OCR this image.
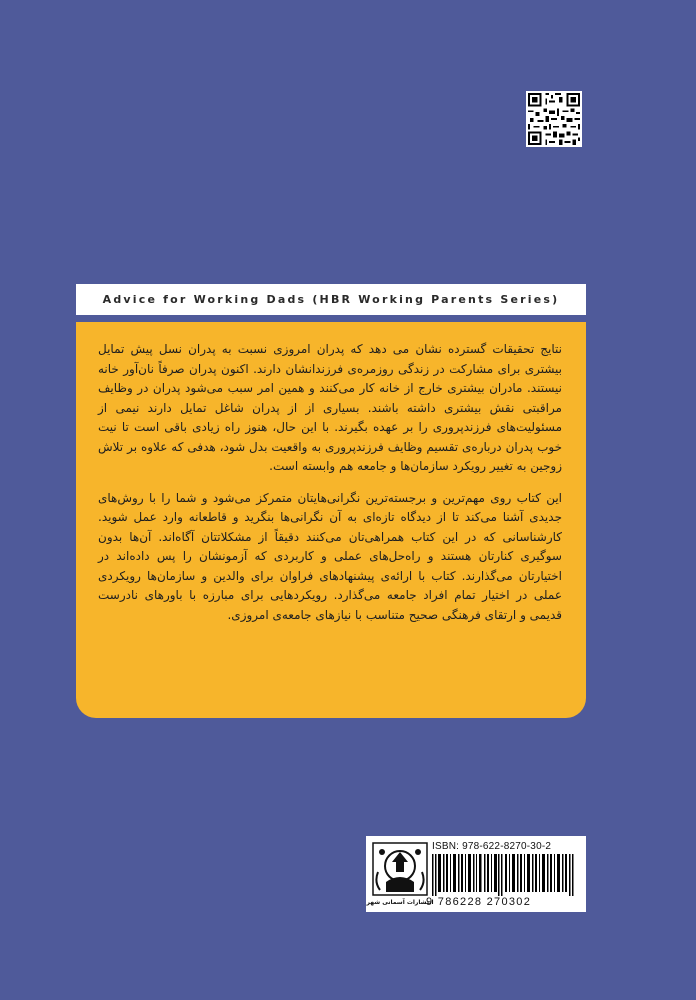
Advice for Working Dads (HBR Working Parents Series)

نتایج تحقیقات گسترده نشان می دهد که پدران امروزی نسبت به پدران نسل پیش تمایل بیشتری برای مشارکت در زندگی روزمره‌ی فرزندانشان دارند. اکنون پدران صرفاً نان‌آور خانه نیستند. مادران بیشتری خارج از خانه کار می‌کنند و همین امر سبب می‌شود پدران در وظایف مراقبتی نقش بیشتری داشته باشند. بسیاری از از پدران شاغل تمایل دارند نیمی از مسئولیت‌های فرزندپروری را بر عهده بگیرند. با این حال، هنوز راه زیادی باقی است تا نیت خوب پدران درباره‌ی تقسیم وظایف فرزندپروری به واقعیت بدل شود، هدفی که علاوه بر تلاش زوجین به تغییر رویکرد سازمان‌ها و جامعه هم وابسته است.

این کتاب روی مهم‌ترین و برجسته‌ترین نگرانی‌هایتان متمرکز می‌شود و شما را با روش‌های جدیدی آشنا می‌کند تا از دیدگاه تازه‌ای به آن نگرانی‌ها بنگرید و قاطعانه وارد عمل شوید. کارشناسانی که در این کتاب همراهی‌تان می‌کنند دقیقاً از مشکلاتتان آگاه‌اند. آن‌ها بدون سوگیری کنارتان هستند و راه‌حل‌های عملی و کاربردی که آزمونشان را پس داده‌اند در اختیارتان می‌گذارند. کتاب با ارائه‌ی پیشنهادهای فراوان برای والدین و سازمان‌ها رویکردی عملی در اختیار تمام افراد جامعه می‌گذارد. رویکردهایی برای مبارزه با باورهای نادرست قدیمی و ارتقای فرهنگی صحیح متناسب با نیازهای جامعه‌ی امروزی.

انتشارات آسمانی شهر
ISBN: 978-622-8270-30-2
9 786228 270302
